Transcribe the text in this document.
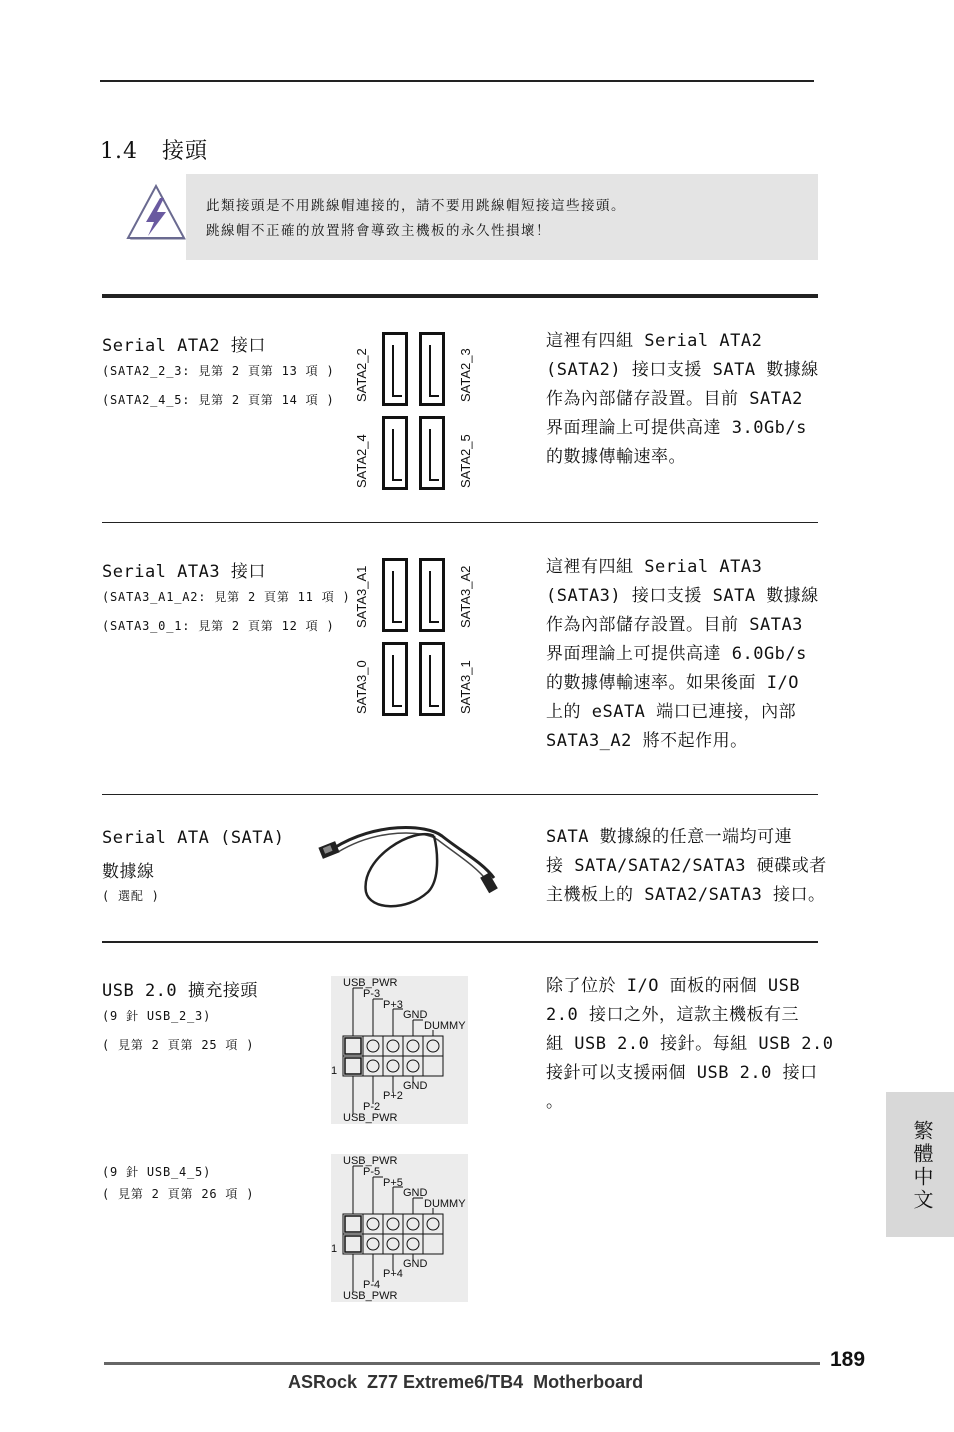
1.4 接頭

此類接頭是不用跳線帽連接的，請不要用跳線帽短接這些接頭。

跳線帽不正確的放置將會導致主機板的永久性損壞！

Serial ATA2 接口
(SATA2_2_3: 見第 2 頁第 13 項 )
(SATA2_4_5: 見第 2 頁第 14 項 ) SATA2_2	SATA2_3
SATA2_4	SATA2_5
這裡有四組 Serial ATA2
(SATA2) 接口支援 SATA 數據線
作為內部儲存設置。目前 SATA2
界面理論上可提供高達 3.0Gb/s
的數據傳輸速率。
Serial ATA3 接口
(SATA3_A1_A2: 見第 2 頁第 11 項 )
(SATA3_0_1: 見第 2 頁第 12 項 ) SATA3_A1	SATA3_A2
SATA3_0	SATA3_1
這裡有四組 Serial ATA3
(SATA3) 接口支援 SATA 數據線
作為內部儲存設置。目前 SATA3
界面理論上可提供高達 6.0Gb/s
的數據傳輸速率。如果後面 I/O
上的 eSATA 端口已連接，內部
SATA3_A2 將不起作用。
Serial ATA (SATA)
數據線
( 選配 )
SATA 數據線的任意一端均可連
接 SATA/SATA2/SATA3 硬碟或者
主機板上的 SATA2/SATA3 接口。
USB 2.0 擴充接頭
(9 針 USB_2_3)
( 見第 2 頁第 25 項 )
(9 針 USB_4_5)
( 見第 2 頁第 26 項 )
USB_PWR
P-3
P+3
GND
DUMMY
1
GND
P+2
P-2
USB_PWR
USB_PWR
P-5
P+5
GND
DUMMY
1
GND
P+4
P-4
USB_PWR
除了位於 I/O 面板的兩個 USB
2.0 接口之外，這款主機板有三
組 USB 2.0 接針。每組 USB 2.0
接針可以支援兩個 USB 2.0 接口
。
繁體中文
189
ASRock  Z77 Extreme6/TB4  Motherboard
